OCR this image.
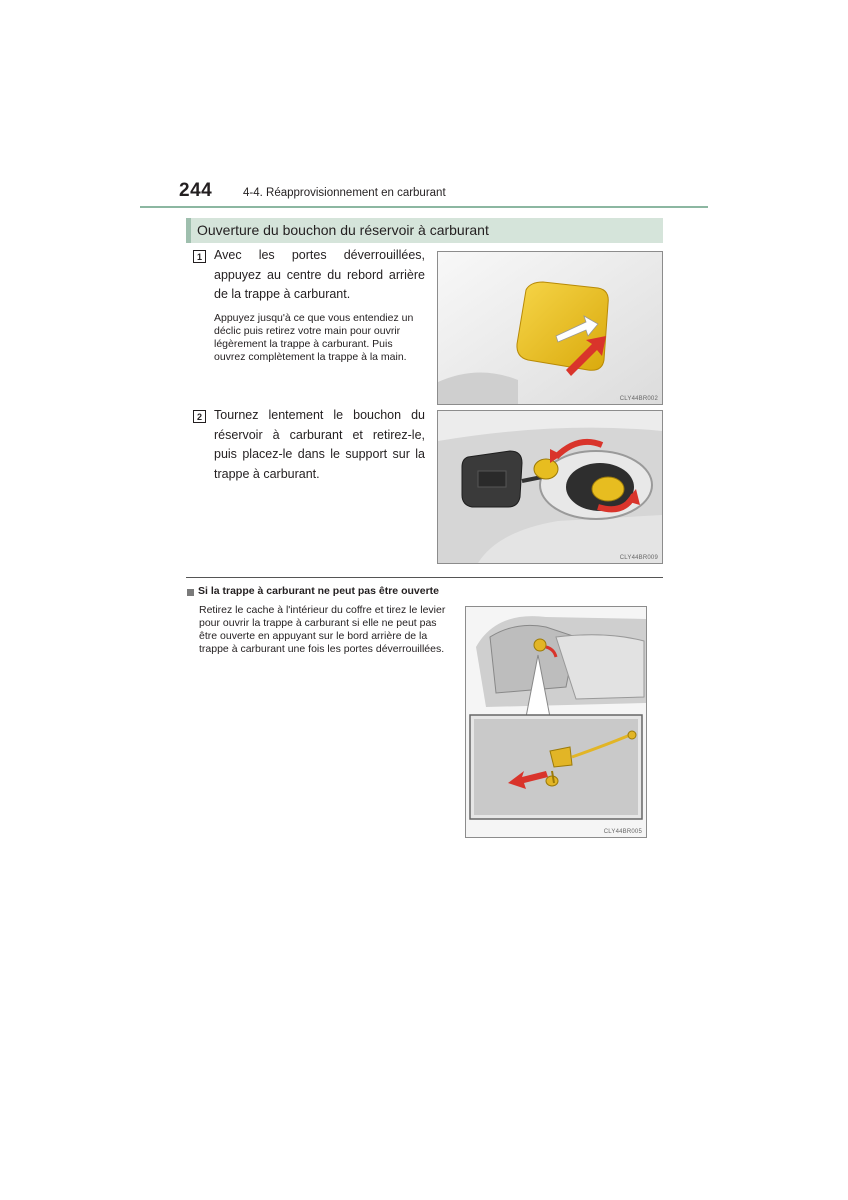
244	4-4. Réapprovisionnement en carburant
Ouverture du bouchon du réservoir à carburant
1 Avec les portes déverrouillées, appuyez au centre du rebord arrière de la trappe à carburant.
Appuyez jusqu'à ce que vous entendiez un déclic puis retirez votre main pour ouvrir légèrement la trappe à carburant. Puis ouvrez complètement la trappe à la main.
CLY44BR002
2 Tournez lentement le bouchon du réservoir à carburant et retirez-le, puis placez-le dans le support sur la trappe à carburant.
CLY44BR009
Si la trappe à carburant ne peut pas être ouverte
Retirez le cache à l'intérieur du coffre et tirez le levier pour ouvrir la trappe à carburant si elle ne peut pas être ouverte en appuyant sur le bord arrière de la trappe à carburant une fois les portes déverrouillées.
CLY44BR005
